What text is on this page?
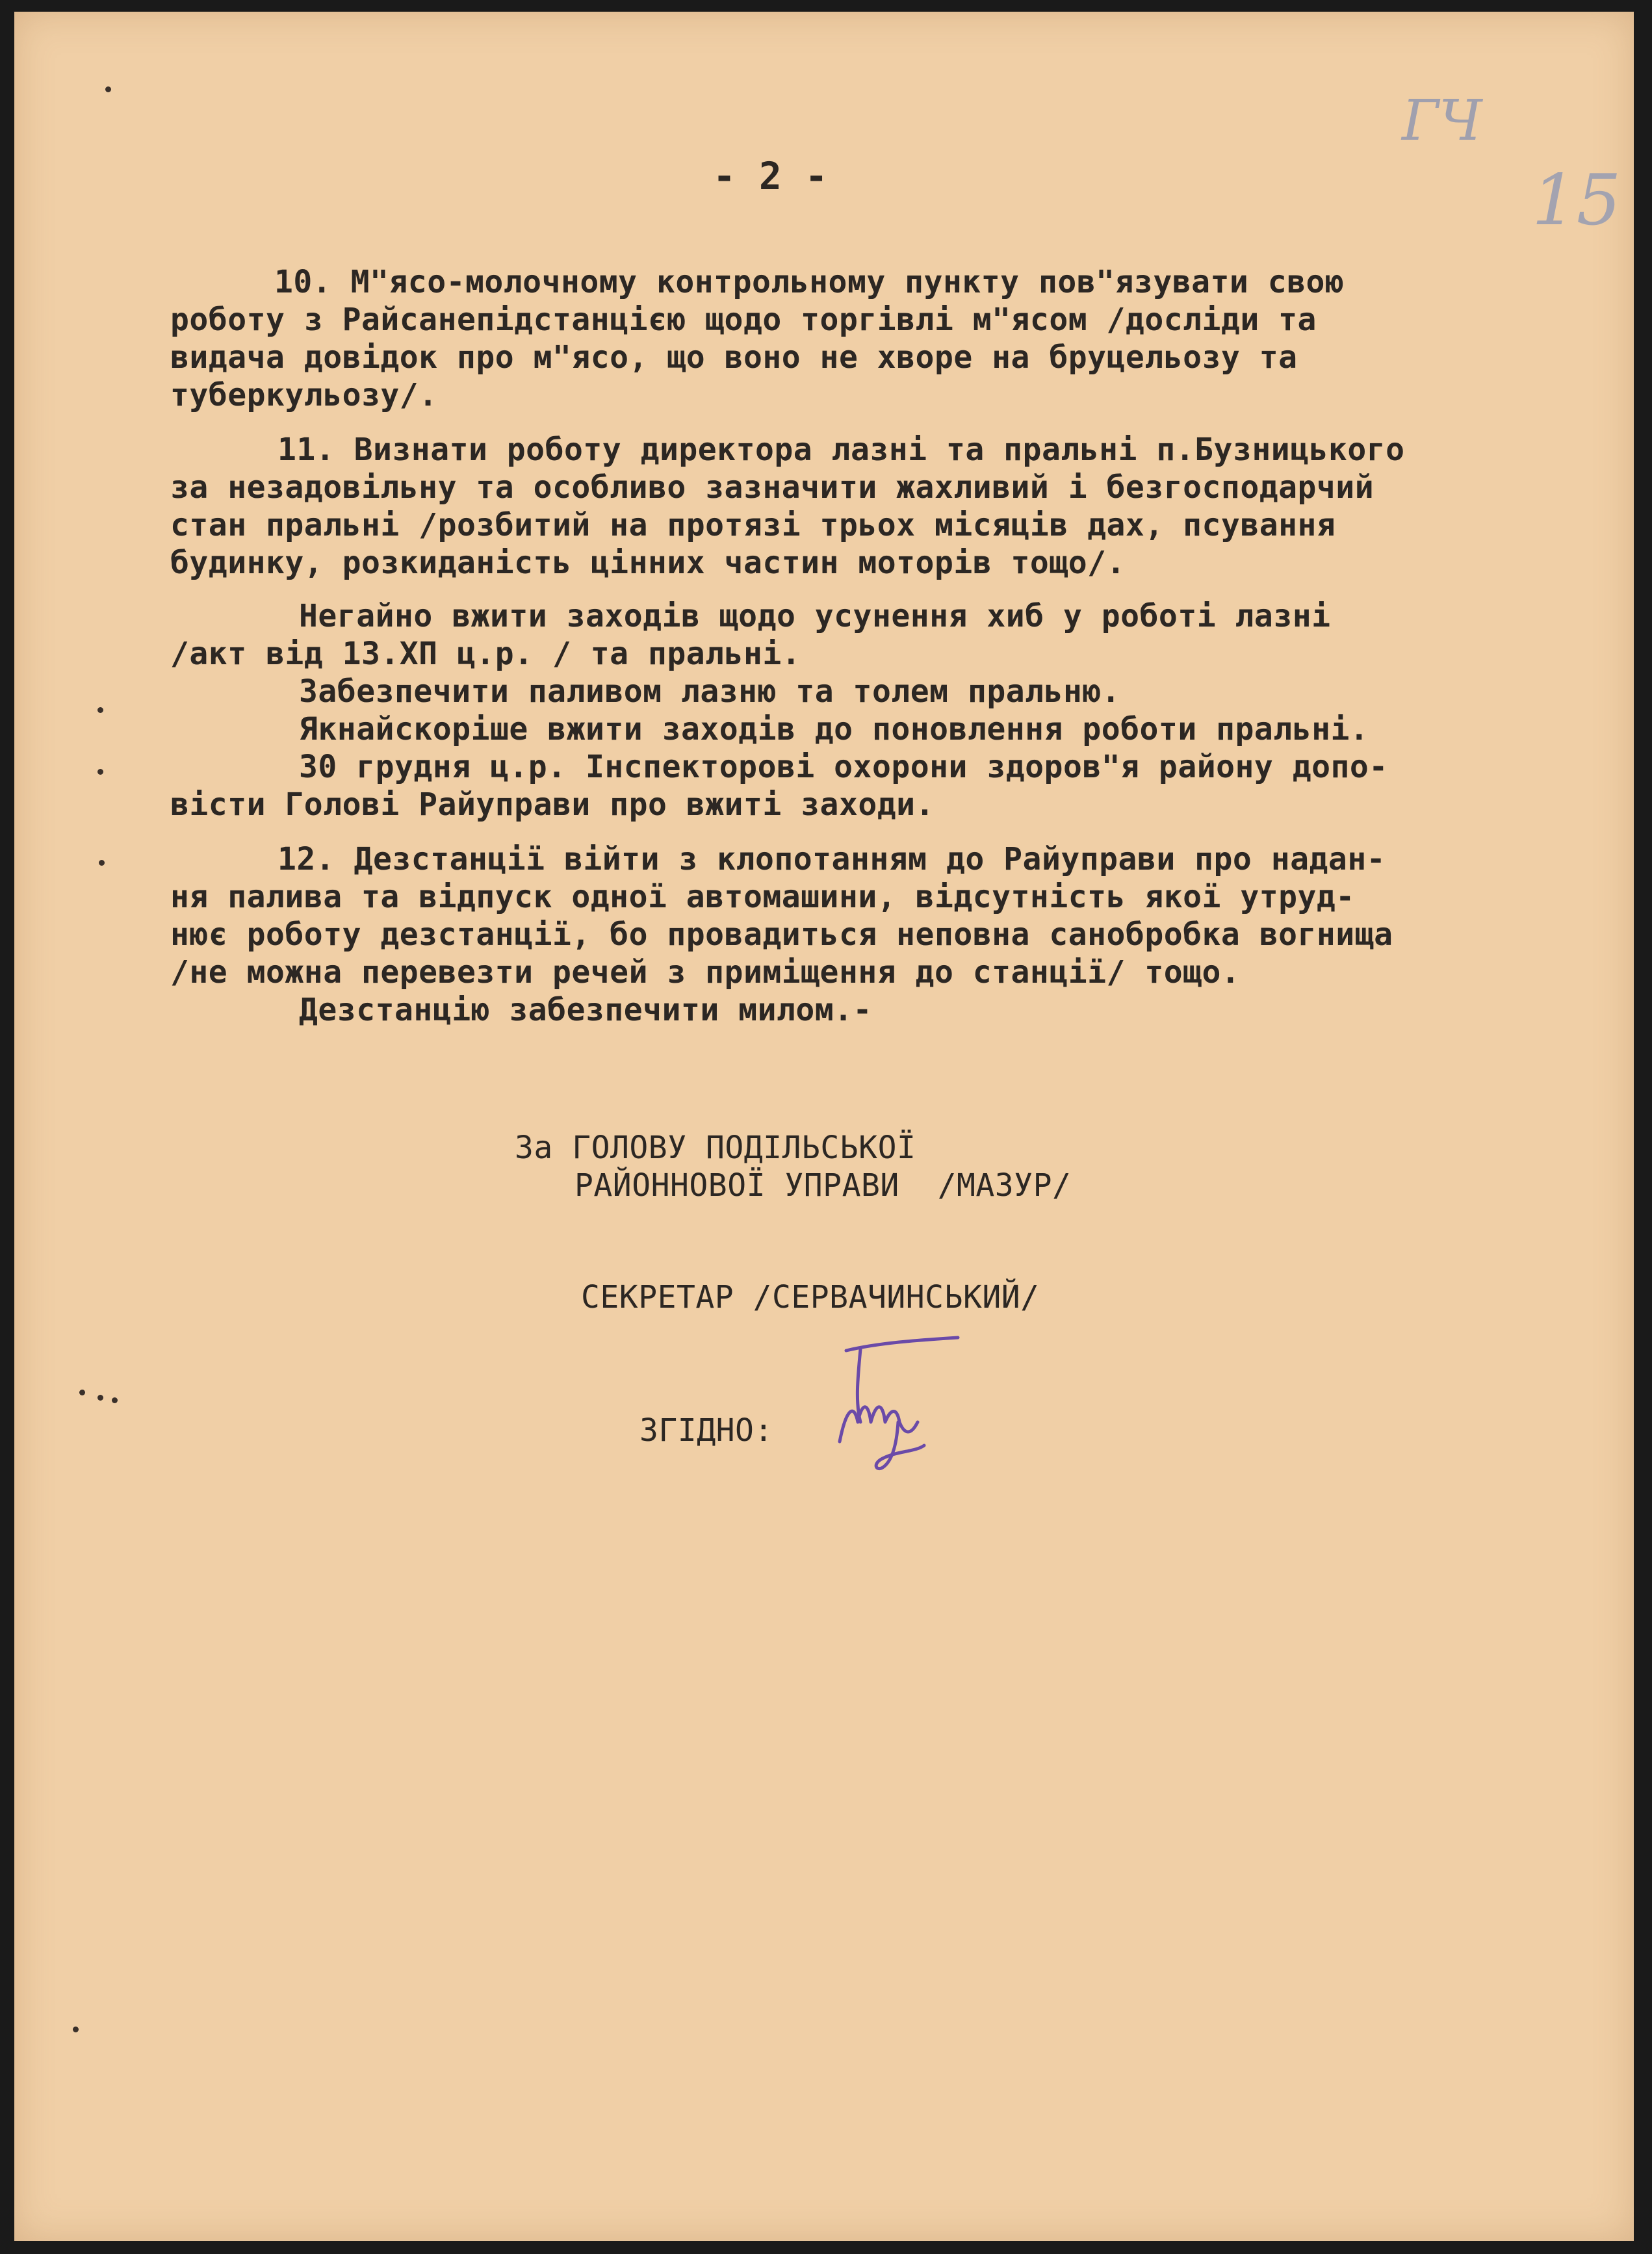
ГЧ
15
- 2 -
10. М"ясо-молочному контрольному пункту пов"язувати свою
роботу з Райсанепідстанцією щодо торгівлі м"ясом /досліди та
видача довідок про м"ясо, що воно не хворе на бруцельозу та
туберкульозу/.
11. Визнати роботу директора лазні та пральні п.Бузницького
за незадовільну та особливо зазначити жахливий і безгосподарчий
стан пральні /розбитий на протязі трьох місяців дах, псування
будинку, розкиданість цінних частин моторів тощо/.
Негайно вжити заходів щодо усунення хиб у роботі лазні
/акт від 13.ХП ц.р. / та пральні.
Забезпечити паливом лазню та толем пральню.
Якнайскоріше вжити заходів до поновлення роботи пральні.
30 грудня ц.р. Інспекторові охорони здоров"я району допо-
вісти Голові Райуправи про вжиті заходи.
12. Дезстанції війти з клопотанням до Райуправи про надан-
ня палива та відпуск одної автомашини, відсутність якої утруд-
нює роботу дезстанції, бо провадиться неповна санобробка вогнища
/не можна перевезти речей з приміщення до станції/ тощо.
Дезстанцію забезпечити милом.-
За ГОЛОВУ ПОДІЛЬСЬКОЇ
РАЙОННОВОЇ УПРАВИ  /МАЗУР/
СЕКРЕТАР /СЕРВАЧИНСЬКИЙ/
ЗГІДНО:
